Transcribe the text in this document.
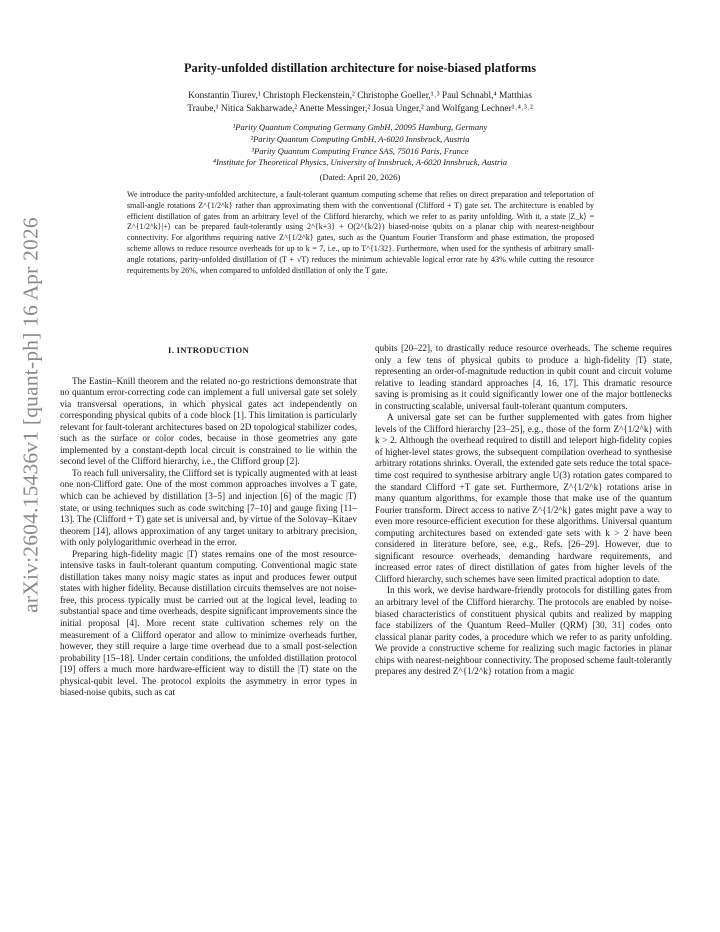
arXiv:2604.15436v1 [quant-ph] 16 Apr 2026
Parity-unfolded distillation architecture for noise-biased platforms
Konstantin Tiurev,¹ Christoph Fleckenstein,² Christophe Goeller,¹˒³ Paul Schnabl,⁴ Matthias
Traube,¹ Nitica Sakharwade,² Anette Messinger,² Josua Unger,² and Wolfgang Lechner¹˒⁴˒³˒²
¹Parity Quantum Computing Germany GmbH, 20095 Hamburg, Germany
²Parity Quantum Computing GmbH, A-6020 Innsbruck, Austria
³Parity Quantum Computing France SAS, 75016 Paris, France
⁴Institute for Theoretical Physics, University of Innsbruck, A-6020 Innsbruck, Austria
(Dated: April 20, 2026)
We introduce the parity-unfolded architecture, a fault-tolerant quantum computing scheme that relies on direct preparation and teleportation of small-angle rotations Z^{1/2^k} rather than approximating them with the conventional (Clifford + T) gate set. The architecture is enabled by efficient distillation of gates from an arbitrary level of the Clifford hierarchy, which we refer to as parity unfolding. With it, a state |Z_k⟩ = Z^{1/2^k}|+⟩ can be prepared fault-tolerantly using 2^{k+3} + O(2^{k/2}) biased-noise qubits on a planar chip with nearest-neighbour connectivity. For algorithms requiring native Z^{1/2^k} gates, such as the Quantum Fourier Transform and phase estimation, the proposed scheme allows to reduce resource overheads for up to k = 7, i.e., up to T^{1/32}. Furthermore, when used for the synthesis of arbitrary small-angle rotations, parity-unfolded distillation of (T + √T) reduces the minimum achievable logical error rate by 43% while cutting the resource requirements by 26%, when compared to unfolded distillation of only the T gate.
I. INTRODUCTION

The Eastin–Knill theorem and the related no-go restrictions demonstrate that no quantum error-correcting code can implement a full universal gate set solely via transversal operations, in which physical gates act independently on corresponding physical qubits of a code block [1]. This limitation is particularly relevant for fault-tolerant architectures based on 2D topological stabilizer codes, such as the surface or color codes, because in those geometries any gate implemented by a constant-depth local circuit is constrained to lie within the second level of the Clifford hierarchy, i.e., the Clifford group [2].

To reach full universality, the Clifford set is typically augmented with at least one non-Clifford gate. One of the most common approaches involves a T gate, which can be achieved by distillation [3–5] and injection [6] of the magic |T⟩ state, or using techniques such as code switching [7–10] and gauge fixing [11–13]. The (Clifford + T) gate set is universal and, by virtue of the Solovay–Kitaev theorem [14], allows approximation of any target unitary to arbitrary precision, with only polylogarithmic overhead in the error.

Preparing high-fidelity magic |T⟩ states remains one of the most resource-intensive tasks in fault-tolerant quantum computing. Conventional magic state distillation takes many noisy magic states as input and produces fewer output states with higher fidelity. Because distillation circuits themselves are not noise-free, this process typically must be carried out at the logical level, leading to substantial space and time overheads, despite significant improvements since the initial proposal [4]. More recent state cultivation schemes rely on the measurement of a Clifford operator and allow to minimize overheads further, however, they still require a large time overhead due to a small post-selection probability [15–18]. Under certain conditions, the unfolded distillation protocol [19] offers a much more hardware-efficient way to distill the |T⟩ state on the physical-qubit level. The protocol exploits the asymmetry in error types in biased-noise qubits, such as cat

qubits [20–22], to drastically reduce resource overheads. The scheme requires only a few tens of physical qubits to produce a high-fidelity |T⟩ state, representing an order-of-magnitude reduction in qubit count and circuit volume relative to leading standard approaches [4, 16, 17]. This dramatic resource saving is promising as it could significantly lower one of the major bottlenecks in constructing scalable, universal fault-tolerant quantum computers.

A universal gate set can be further supplemented with gates from higher levels of the Clifford hierarchy [23–25], e.g., those of the form Z^{1/2^k} with k > 2. Although the overhead required to distill and teleport high-fidelity copies of higher-level states grows, the subsequent compilation overhead to synthesise arbitrary rotations shrinks. Overall, the extended gate sets reduce the total space-time cost required to synthesise arbitrary angle U(3) rotation gates compared to the standard Clifford +T gate set. Furthermore, Z^{1/2^k} rotations arise in many quantum algorithms, for example those that make use of the quantum Fourier transform. Direct access to native Z^{1/2^k} gates might pave a way to even more resource-efficient execution for these algorithms. Universal quantum computing architectures based on extended gate sets with k > 2 have been considered in literature before, see, e.g., Refs. [26–29]. However, due to significant resource overheads, demanding hardware requirements, and increased error rates of direct distillation of gates from higher levels of the Clifford hierarchy, such schemes have seen limited practical adoption to date.

In this work, we devise hardware-friendly protocols for distilling gates from an arbitrary level of the Clifford hierarchy. The protocols are enabled by noise-biased characteristics of constituent physical qubits and realized by mapping face stabilizers of the Quantum Reed–Muller (QRM) [30, 31] codes onto classical planar parity codes, a procedure which we refer to as parity unfolding. We provide a constructive scheme for realizing such magic factories in planar chips with nearest-neighbour connectivity. The proposed scheme fault-tolerantly prepares any desired Z^{1/2^k} rotation from a magic
